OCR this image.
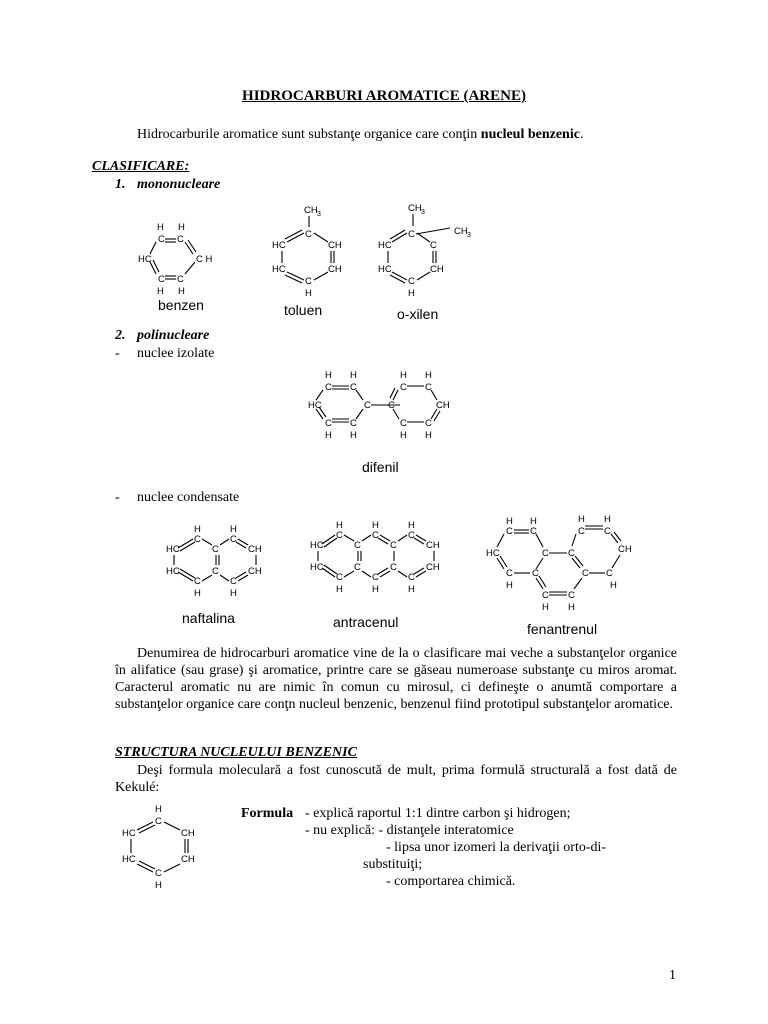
HIDROCARBURI AROMATICE (ARENE)
Hidrocarburile aromatice sunt substanţe organice care conţin nucleul benzenic.
CLASIFICARE:
1. mononucleare
H H
C C
HC	C H
C C
H H
benzen
CH 3
C
HC	CH
HC	CH
C
H
toluen
CH 3
C	CH 3
HC	C
HC	CH
C
H
o-xilen
2. polinucleare
- nuclee izolate
H H
C C
HC	C
C C
H H
H H
C C
C	CH
C C
H H
difenil
- nuclee condensate
H	H
C	C
HC	C	CH
HC	C	CH
C	C
H	H
naftalina
H	H	H
C	C	C
HC	C	C	CH
HC	C	C	CH
C	C	C
H	H	H
antracenul
H H
C C
HC	C
C C
H
H H
C C
C	CH
C C
H
C C
H H
fenantrenul
Denumirea de hidrocarburi aromatice vine de la o clasificare mai veche a substanţelor organice în alifatice (sau grase) şi aromatice, printre care se găseau numeroase substanţe cu miros aromat. Caracterul aromatic nu are nimic în comun cu mirosul, ci defineşte o anumtă comportare a substanţelor organice care conţn nucleul benzenic, benzenul fiind prototipul substanţelor aromatice.
STRUCTURA NUCLEULUI BENZENIC
Deşi formula moleculară a fost cunoscută de mult, prima formulă structurală a fost dată de Kekulé:
H
C
HC	CH
HC	CH
C
H
Formula - explică raportul 1:1 dintre carbon şi hidrogen;
- nu explică: - distanţele interatomice
- lipsa unor izomeri la derivaţii orto-di-
substituiţi;
- comportarea chimică.
1
